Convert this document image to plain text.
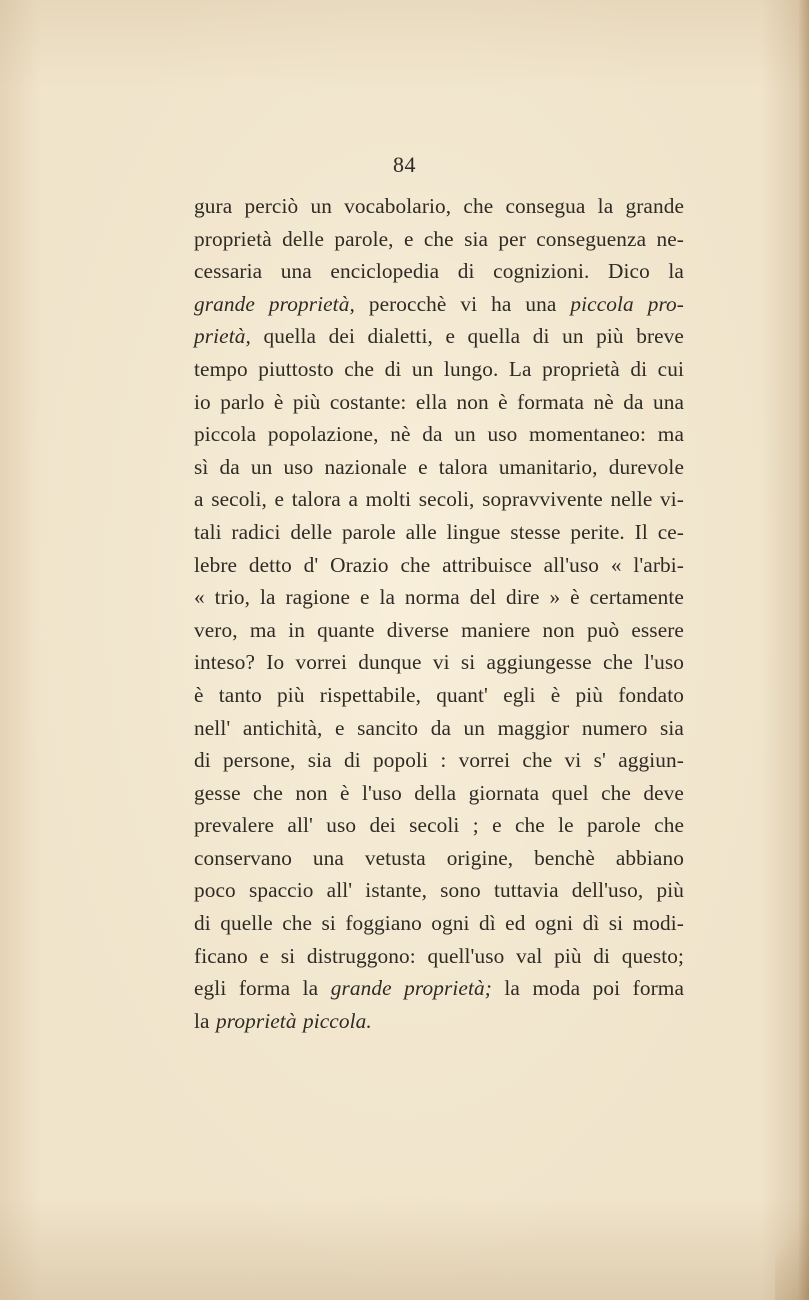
84
gura perciò un vocabolario, che consegua la grande
proprietà delle parole, e che sia per conseguenza ne-
cessaria una enciclopedia di cognizioni. Dico la
grande proprietà, perocchè vi ha una piccola pro-
prietà, quella dei dialetti, e quella di un più breve
tempo piuttosto che di un lungo. La proprietà di cui
io parlo è più costante: ella non è formata nè da una
piccola popolazione, nè da un uso momentaneo: ma
sì da un uso nazionale e talora umanitario, durevole
a secoli, e talora a molti secoli, sopravvivente nelle vi-
tali radici delle parole alle lingue stesse perite. Il ce-
lebre detto d' Orazio che attribuisce all'uso « l'arbi-
« trio, la ragione e la norma del dire » è certamente
vero, ma in quante diverse maniere non può essere
inteso? Io vorrei dunque vi si aggiungesse che l'uso
è tanto più rispettabile, quant' egli è più fondato
nell' antichità, e sancito da un maggior numero sia
di persone, sia di popoli : vorrei che vi s' aggiun-
gesse che non è l'uso della giornata quel che deve
prevalere all' uso dei secoli ; e che le parole che
conservano una vetusta origine, benchè abbiano
poco spaccio all' istante, sono tuttavia dell'uso, più
di quelle che si foggiano ogni dì ed ogni dì si modi-
ficano e si distruggono: quell'uso val più di questo;
egli forma la grande proprietà; la moda poi forma
la proprietà piccola.
